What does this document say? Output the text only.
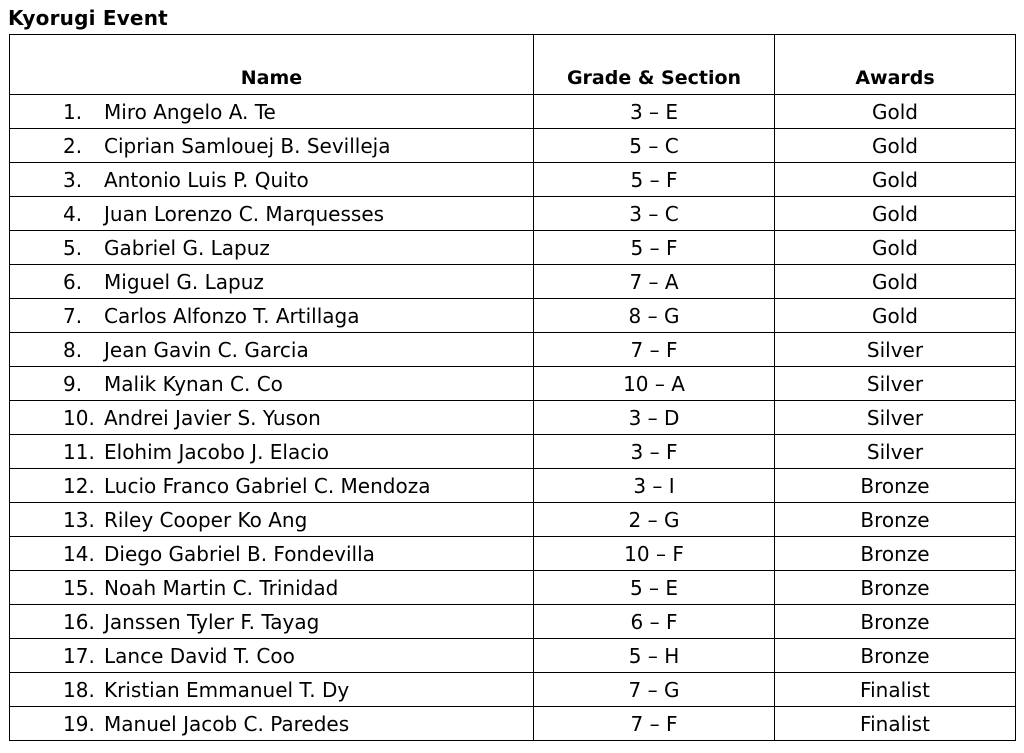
Kyorugi Event
Name	Grade & Section	Awards
1. Miro Angelo A. Te	3 – E	Gold
2. Ciprian Samlouej B. Sevilleja	5 – C	Gold
3. Antonio Luis P. Quito	5 – F	Gold
4. Juan Lorenzo C. Marquesses	3 – C	Gold
5. Gabriel G. Lapuz	5 – F	Gold
6. Miguel G. Lapuz	7 – A	Gold
7. Carlos Alfonzo T. Artillaga	8 – G	Gold
8. Jean Gavin C. Garcia	7 – F	Silver
9. Malik Kynan C. Co	10 – A	Silver
10. Andrei Javier S. Yuson	3 – D	Silver
11. Elohim Jacobo J. Elacio	3 – F	Silver
12. Lucio Franco Gabriel C. Mendoza	3 – I	Bronze
13. Riley Cooper Ko Ang	2 – G	Bronze
14. Diego Gabriel B. Fondevilla	10 – F	Bronze
15. Noah Martin C. Trinidad	5 – E	Bronze
16. Janssen Tyler F. Tayag	6 – F	Bronze
17. Lance David T. Coo	5 – H	Bronze
18. Kristian Emmanuel T. Dy	7 – G	Finalist
19. Manuel Jacob C. Paredes	7 – F	Finalist
